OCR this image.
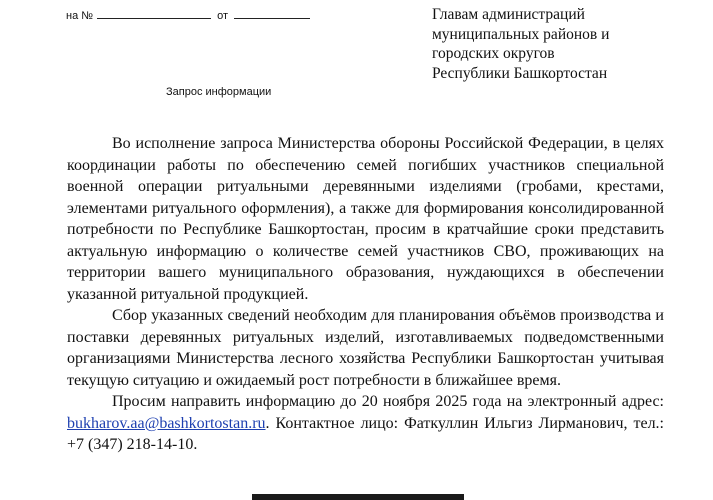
на №	от	Главам администраций
муниципальных районов и
городских округов
Республики Башкортостан
Запрос информации

Во исполнение запроса Министерства обороны Российской Федерации, в целях координации работы по обеспечению семей погибших участников специальной военной операции ритуальными деревянными изделиями (гробами, крестами, элементами ритуального оформления), а также для формирования консолидированной потребности по Республике Башкортостан, просим в кратчайшие сроки представить актуальную информацию о количестве семей участников СВО, проживающих на территории вашего муниципального образования, нуждающихся в обеспечении указанной ритуальной продукцией.

Сбор указанных сведений необходим для планирования объёмов производства и поставки деревянных ритуальных изделий, изготавливаемых подведомственными организациями Министерства лесного хозяйства Республики Башкортостан учитывая текущую ситуацию и ожидаемый рост потребности в ближайшее время.

Просим направить информацию до 20 ноября 2025 года на электронный адрес: bukharov.aa@bashkortostan.ru. Контактное лицо: Фаткуллин Ильгиз Лирманович, тел.: +7 (347) 218-14-10.
